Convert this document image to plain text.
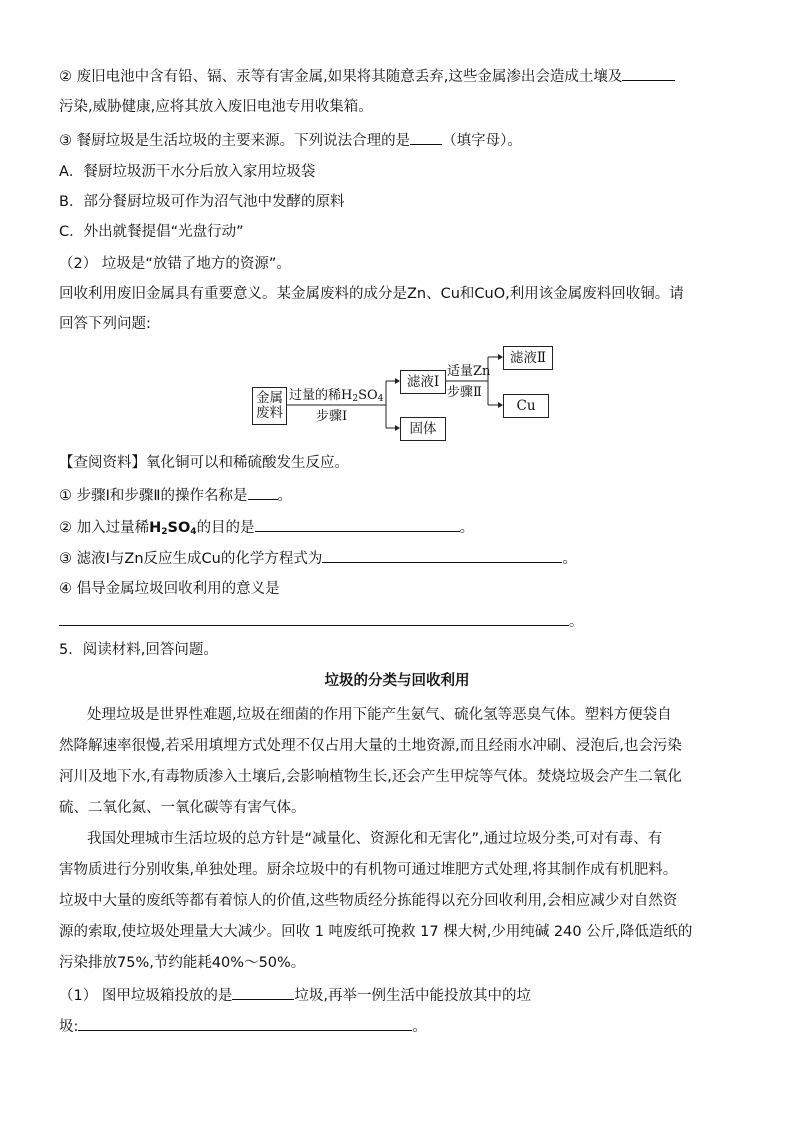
② 废旧电池中含有铅、镉、汞等有害金属,如果将其随意丢弃,这些金属渗出会造成土壤及
污染,威胁健康,应将其放入废旧电池专用收集箱。
③ 餐厨垃圾是生活垃圾的主要来源。下列说法合理的是 （填字母）。
A．餐厨垃圾沥干水分后放入家用垃圾袋
B．部分餐厨垃圾可作为沼气池中发酵的原料
C．外出就餐提倡“光盘行动”
（2） 垃圾是“放错了地方的资源”。
回收利用废旧金属具有重要意义。某金属废料的成分是Zn、Cu和CuO,利用该金属废料回收铜。请
回答下列问题:
金属
废料
过量的稀$H_2SO_4$
步骤Ⅰ
滤液Ⅰ
固体
适量Zn
步骤Ⅱ
滤液Ⅱ
Cu
【查阅资料】氧化铜可以和稀硫酸发生反应。
① 步骤Ⅰ和步骤Ⅱ的操作名称是 。
② 加入过量稀$H_2SO_4$的目的是	。
③ 滤液Ⅰ与Zn反应生成Cu的化学方程式为	。
④ 倡导金属垃圾回收利用的意义是
。
5．阅读材料,回答问题。
垃圾的分类与回收利用
处理垃圾是世界性难题,垃圾在细菌的作用下能产生氨气、硫化氢等恶臭气体。塑料方便袋自
然降解速率很慢,若采用填埋方式处理不仅占用大量的土地资源,而且经雨水冲刷、浸泡后,也会污染
河川及地下水,有毒物质渗入土壤后,会影响植物生长,还会产生甲烷等气体。焚烧垃圾会产生二氧化
硫、二氧化氮、一氧化碳等有害气体。
我国处理城市生活垃圾的总方针是“减量化、资源化和无害化”,通过垃圾分类,可对有毒、有
害物质进行分别收集,单独处理。厨余垃圾中的有机物可通过堆肥方式处理,将其制作成有机肥料。
垃圾中大量的废纸等都有着惊人的价值,这些物质经分拣能得以充分回收利用,会相应减少对自然资
源的索取,使垃圾处理量大大减少。回收 1 吨废纸可挽救 17 棵大树,少用纯碱 240 公斤,降低造纸的
污染排放75%,节约能耗40%～50%。
（1） 图甲垃圾箱投放的是	垃圾,再举一例生活中能投放其中的垃
圾:	。
